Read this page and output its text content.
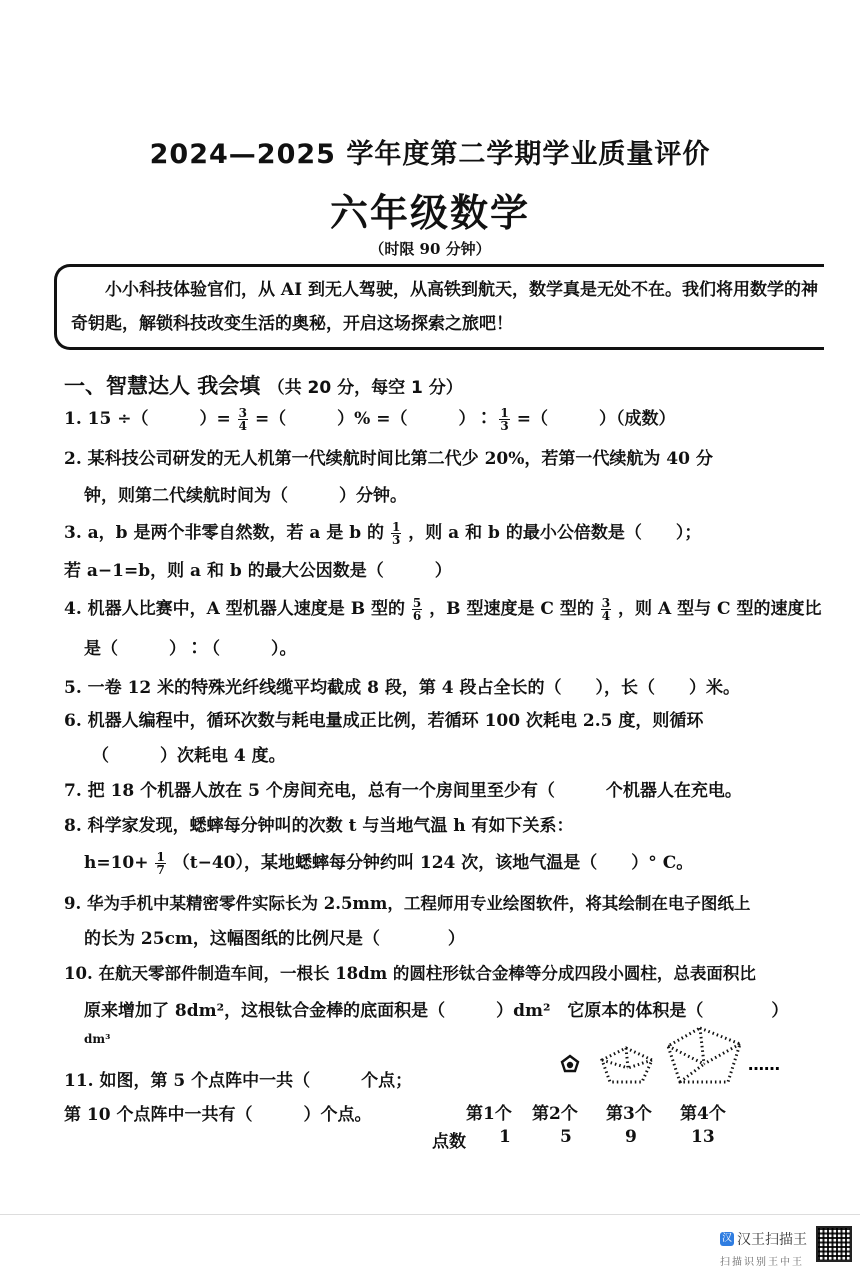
2024—2025 学年度第二学期学业质量评价
六年级数学
（时限 90 分钟）
小小科技体验官们，从 AI 到无人驾驶，从高铁到航天，数学真是无处不在。我们将用数学的神奇钥匙，解锁科技改变生活的奥秘，开启这场探索之旅吧！
一、智慧达人 我会填 （共 20 分，每空 1 分）
1. 15 ÷（　　　）= $\frac{3}{4}$ =（　　　）% =（　　　）∶ $\frac{1}{3}$ =（　　　）（成数）
2. 某科技公司研发的无人机第一代续航时间比第二代少 20%，若第一代续航为 40 分
钟，则第二代续航时间为（　　　）分钟。
3. a，b 是两个非零自然数，若 a 是 b 的 $\frac{1}{3}$ ，则 a 和 b 的最小公倍数是（　　）；
若 a−1=b，则 a 和 b 的最大公因数是（　　　）
4. 机器人比赛中，A 型机器人速度是 B 型的 $\frac{5}{6}$ ，B 型速度是 C 型的 $\frac{3}{4}$ ，则 A 型与 C 型的速度比
是（　　　）∶（　　　）。
5. 一卷 12 米的特殊光纤线缆平均截成 8 段，第 4 段占全长的（　　），长（　　）米。
6. 机器人编程中，循环次数与耗电量成正比例，若循环 100 次耗电 2.5 度，则循环
（　　　）次耗电 4 度。
7. 把 18 个机器人放在 5 个房间充电，总有一个房间里至少有（　　　个机器人在充电。
8. 科学家发现，蟋蟀每分钟叫的次数 t 与当地气温 h 有如下关系：
$h=10+ \frac{1}{7} (t-40)$，某地蟋蟀每分钟约叫 124 次，该地气温是（　　）° C。
9. 华为手机中某精密零件实际长为 2.5mm，工程师用专业绘图软件，将其绘制在电子图纸上
的长为 25cm，这幅图纸的比例尺是（　　　　）
10. 在航天零部件制造车间，一根长 18dm 的圆柱形钛合金棒等分成四段小圆柱，总表面积比
原来增加了 8dm²，这根钛合金棒的底面积是（　　　）dm²　它原本的体积是（　　　　）
dm³
11. 如图，第 5 个点阵中一共（　　　个点；
第 10 个点阵中一共有（　　　）个点。
……
第1个 第2个 第3个 第4个
点数 1	5	9	13
汉 汉王扫描王
扫描识别王中王
